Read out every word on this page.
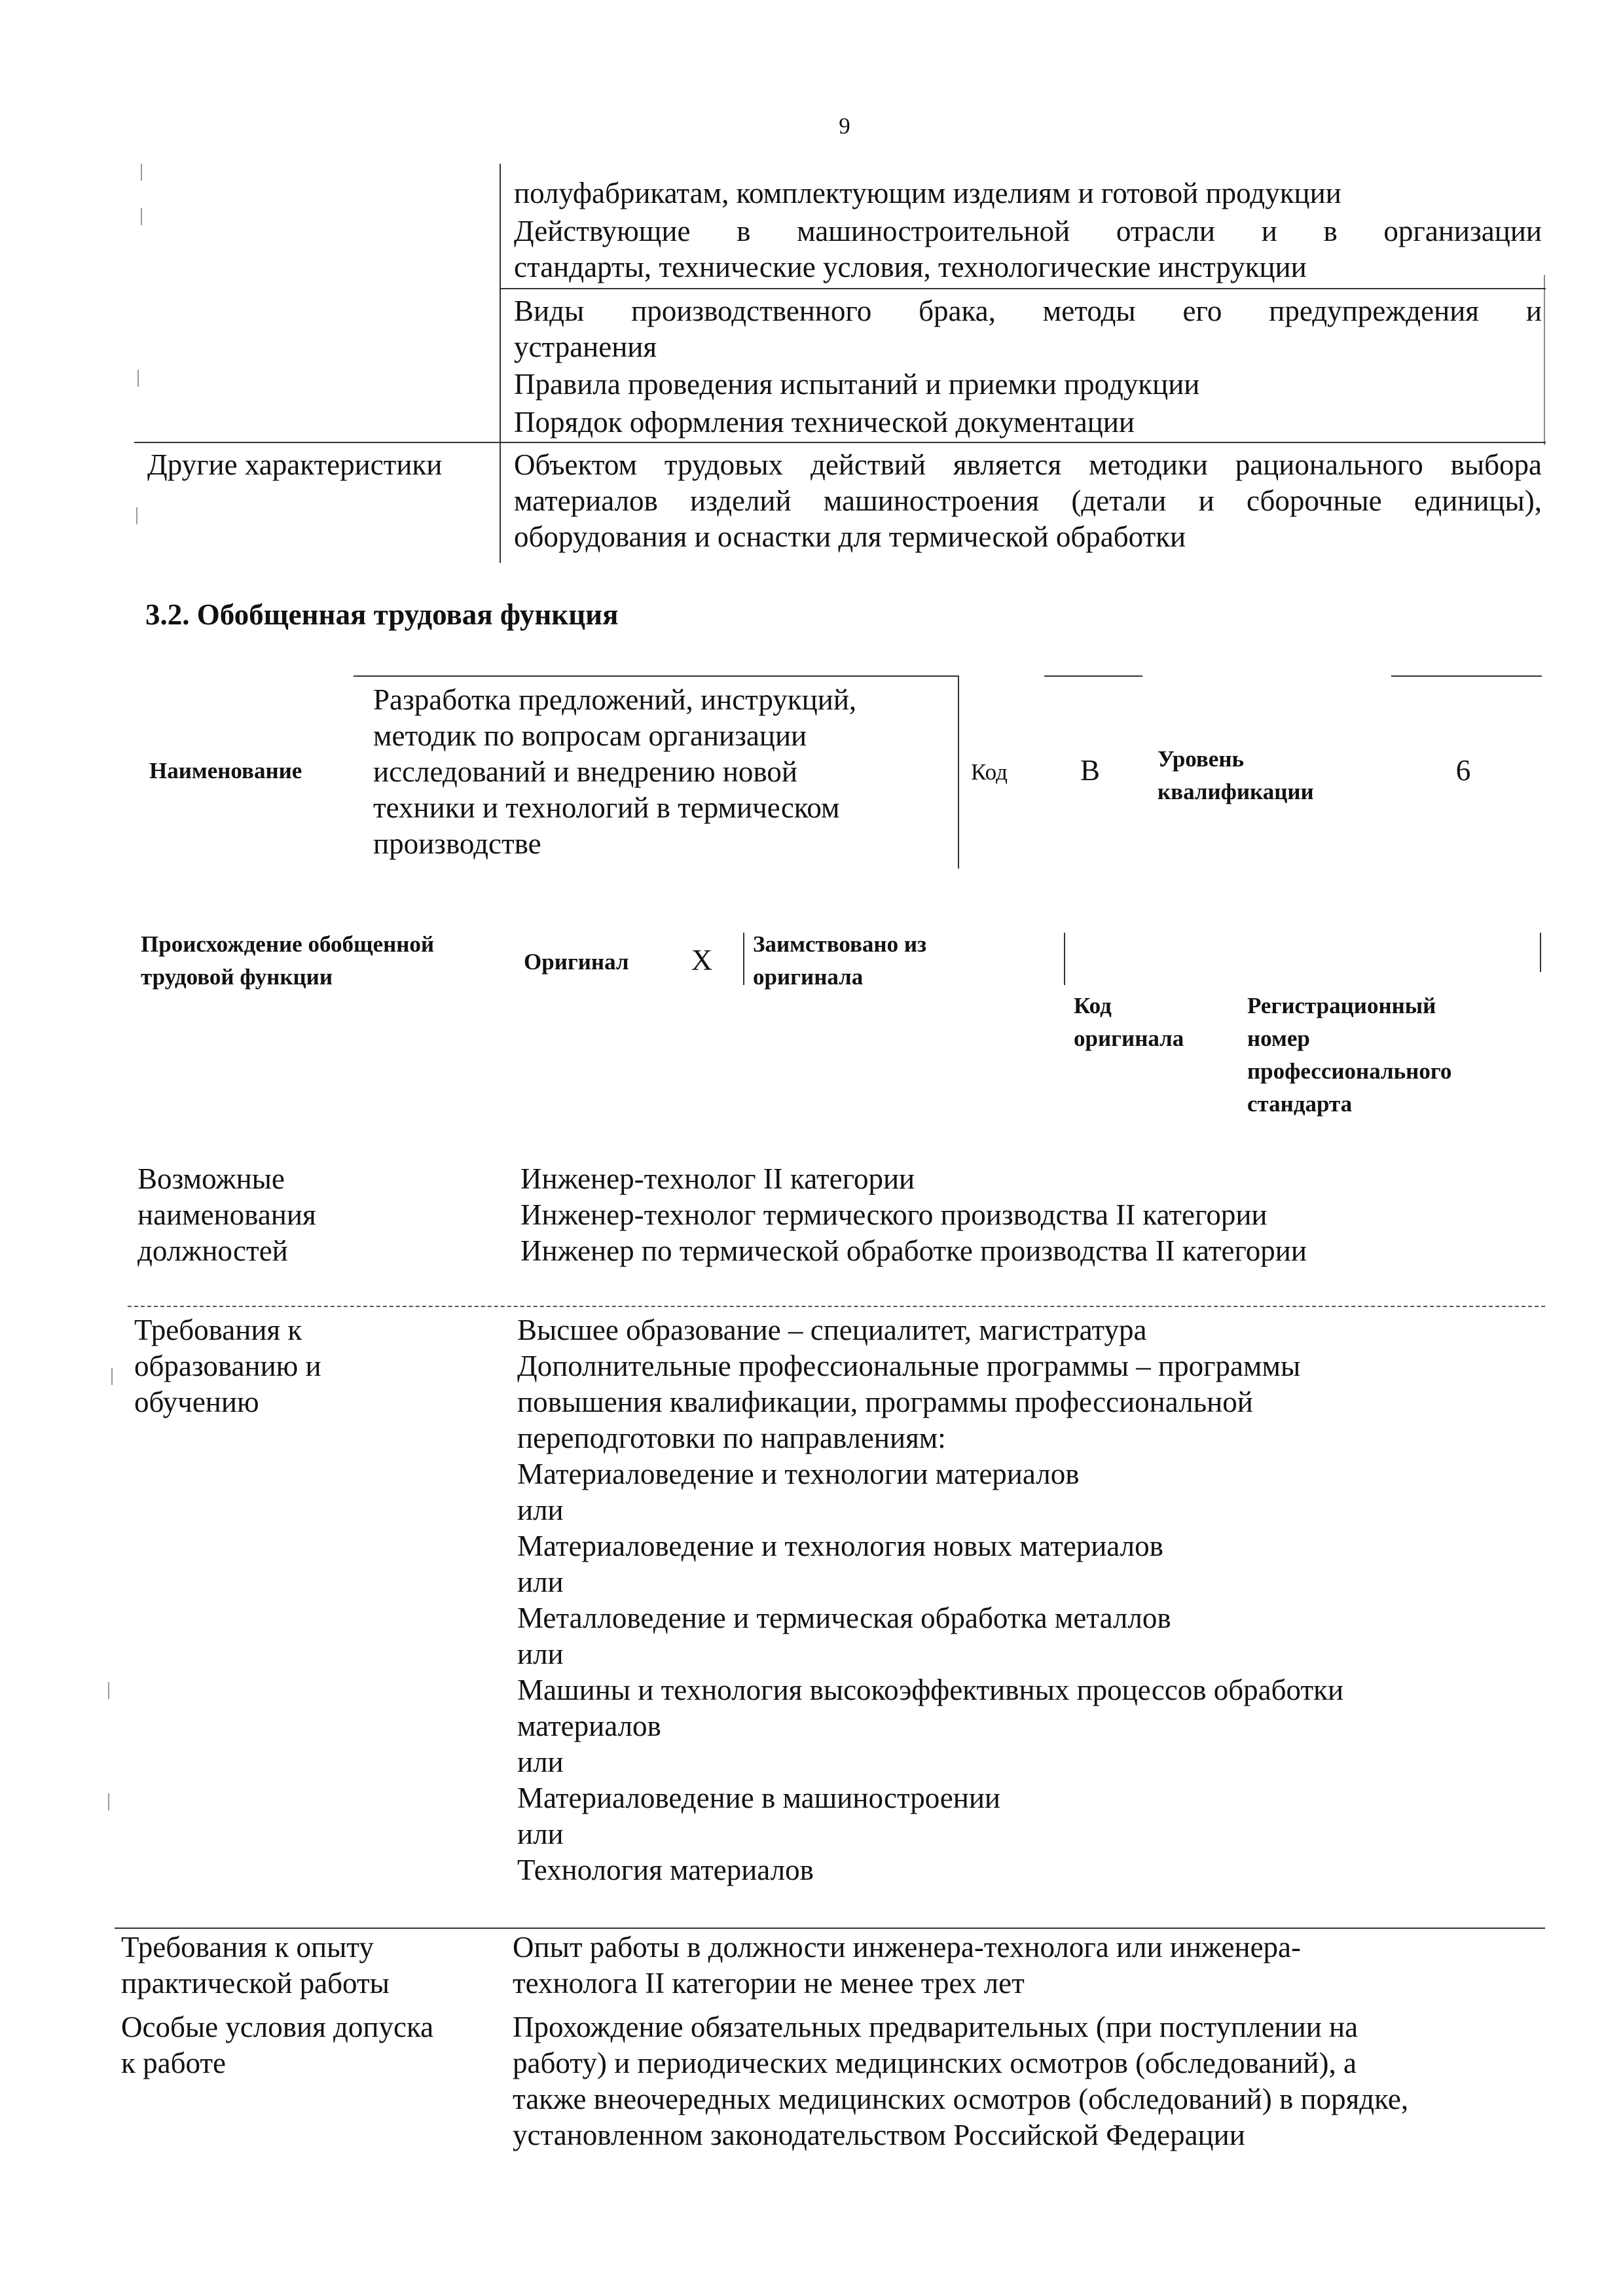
9
полуфабрикатам, комплектующим изделиям и готовой продукции
Действующие в машиностроительной отрасли и в организации
стандарты, технические условия, технологические инструкции
Виды производственного брака, методы его предупреждения и
устранения
Правила проведения испытаний и приемки продукции
Порядок оформления технической документации
Другие характеристики	Объектом трудовых действий является методики рационального выбора
материалов изделий машиностроения (детали и сборочные единицы),
оборудования и оснастки для термической обработки
3.2. Обобщенная трудовая функция
Наименование
Разработка предложений, инструкций,
методик по вопросам организации
исследований и внедрению новой
техники и технологий в термическом
производстве
Код B	Уровень
квалификации
6
Происхождение обобщенной
трудовой функции
Оригинал X Заимствовано из
оригинала
Код
оригинала
Регистрационный
номер
профессионального
стандарта
Возможные
наименования
должностей
Инженер-технолог II категории
Инженер-технолог термического производства II категории
Инженер по термической обработке производства II категории
Требования к
образованию и
обучению
Высшее образование – специалитет, магистратура
Дополнительные профессиональные программы – программы
повышения квалификации, программы профессиональной
переподготовки по направлениям:
Материаловедение и технологии материалов
или
Материаловедение и технология новых материалов
или
Металловедение и термическая обработка металлов
или
Машины и технология высокоэффективных процессов обработки
материалов
или
Материаловедение в машиностроении
или
Технология материалов
Требования к опыту
практической работы
Опыт работы в должности инженера-технолога или инженера-
технолога II категории не менее трех лет
Особые условия допуска
к работе
Прохождение обязательных предварительных (при поступлении на
работу) и периодических медицинских осмотров (обследований), а
также внеочередных медицинских осмотров (обследований) в порядке,
установленном законодательством Российской Федерации
